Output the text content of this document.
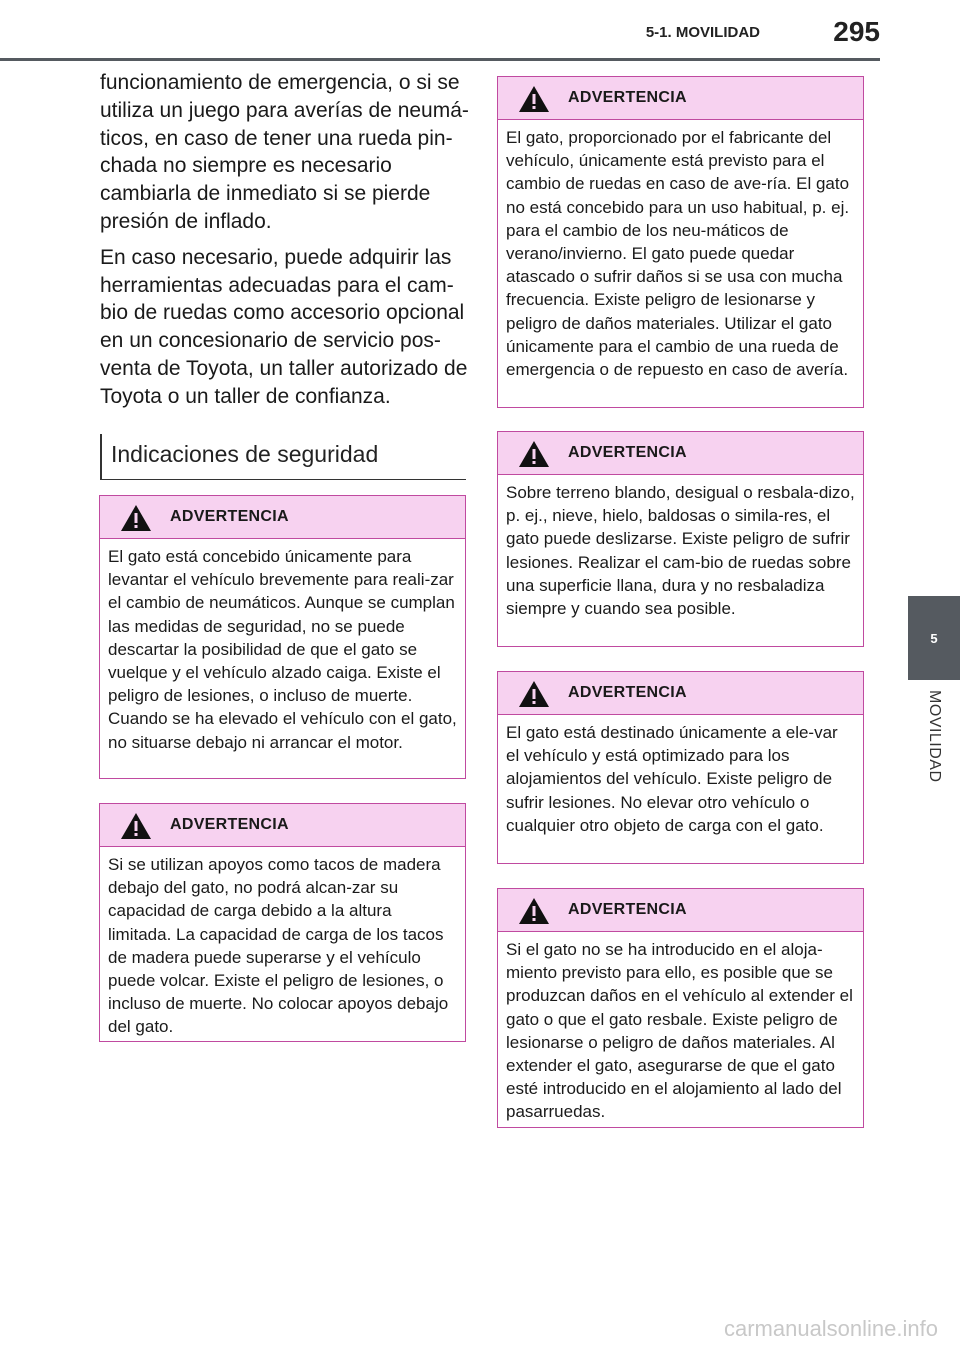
5-1. MOVILIDAD	295
5
MOVILIDAD

funcionamiento de emergencia, o si se utiliza un juego para averías de neumá-ticos, en caso de tener una rueda pin-chada no siempre es necesario cambiarla de inmediato si se pierde presión de inflado.

En caso necesario, puede adquirir las herramientas adecuadas para el cam-bio de ruedas como accesorio opcional en un concesionario de servicio pos-venta de Toyota, un taller autorizado de Toyota o un taller de confianza.

Indicaciones de seguridad
ADVERTENCIA
El gato está concebido únicamente para levantar el vehículo brevemente para reali-zar el cambio de neumáticos. Aunque se cumplan las medidas de seguridad, no se puede descartar la posibilidad de que el gato se vuelque y el vehículo alzado caiga. Existe el peligro de lesiones, o incluso de muerte. Cuando se ha elevado el vehículo con el gato, no situarse debajo ni arrancar el motor.
ADVERTENCIA
Si se utilizan apoyos como tacos de madera debajo del gato, no podrá alcan-zar su capacidad de carga debido a la altura limitada. La capacidad de carga de los tacos de madera puede superarse y el vehículo puede volcar. Existe el peligro de lesiones, o incluso de muerte. No colocar apoyos debajo del gato.
ADVERTENCIA
El gato, proporcionado por el fabricante del vehículo, únicamente está previsto para el cambio de ruedas en caso de ave-ría. El gato no está concebido para un uso habitual, p. ej. para el cambio de los neu-máticos de verano/invierno. El gato puede quedar atascado o sufrir daños si se usa con mucha frecuencia. Existe peligro de lesionarse y peligro de daños materiales. Utilizar el gato únicamente para el cambio de una rueda de emergencia o de repuesto en caso de avería.
ADVERTENCIA
Sobre terreno blando, desigual o resbala-dizo, p. ej., nieve, hielo, baldosas o simila-res, el gato puede deslizarse. Existe peligro de sufrir lesiones. Realizar el cam-bio de ruedas sobre una superficie llana, dura y no resbaladiza siempre y cuando sea posible.
ADVERTENCIA
El gato está destinado únicamente a ele-var el vehículo y está optimizado para los alojamientos del vehículo. Existe peligro de sufrir lesiones. No elevar otro vehículo o cualquier otro objeto de carga con el gato.
ADVERTENCIA
Si el gato no se ha introducido en el aloja-miento previsto para ello, es posible que se produzcan daños en el vehículo al extender el gato o que el gato resbale. Existe peligro de lesionarse o peligro de daños materiales. Al extender el gato, asegurarse de que el gato esté introducido en el alojamiento al lado del pasarruedas.
carmanualsonline.info
